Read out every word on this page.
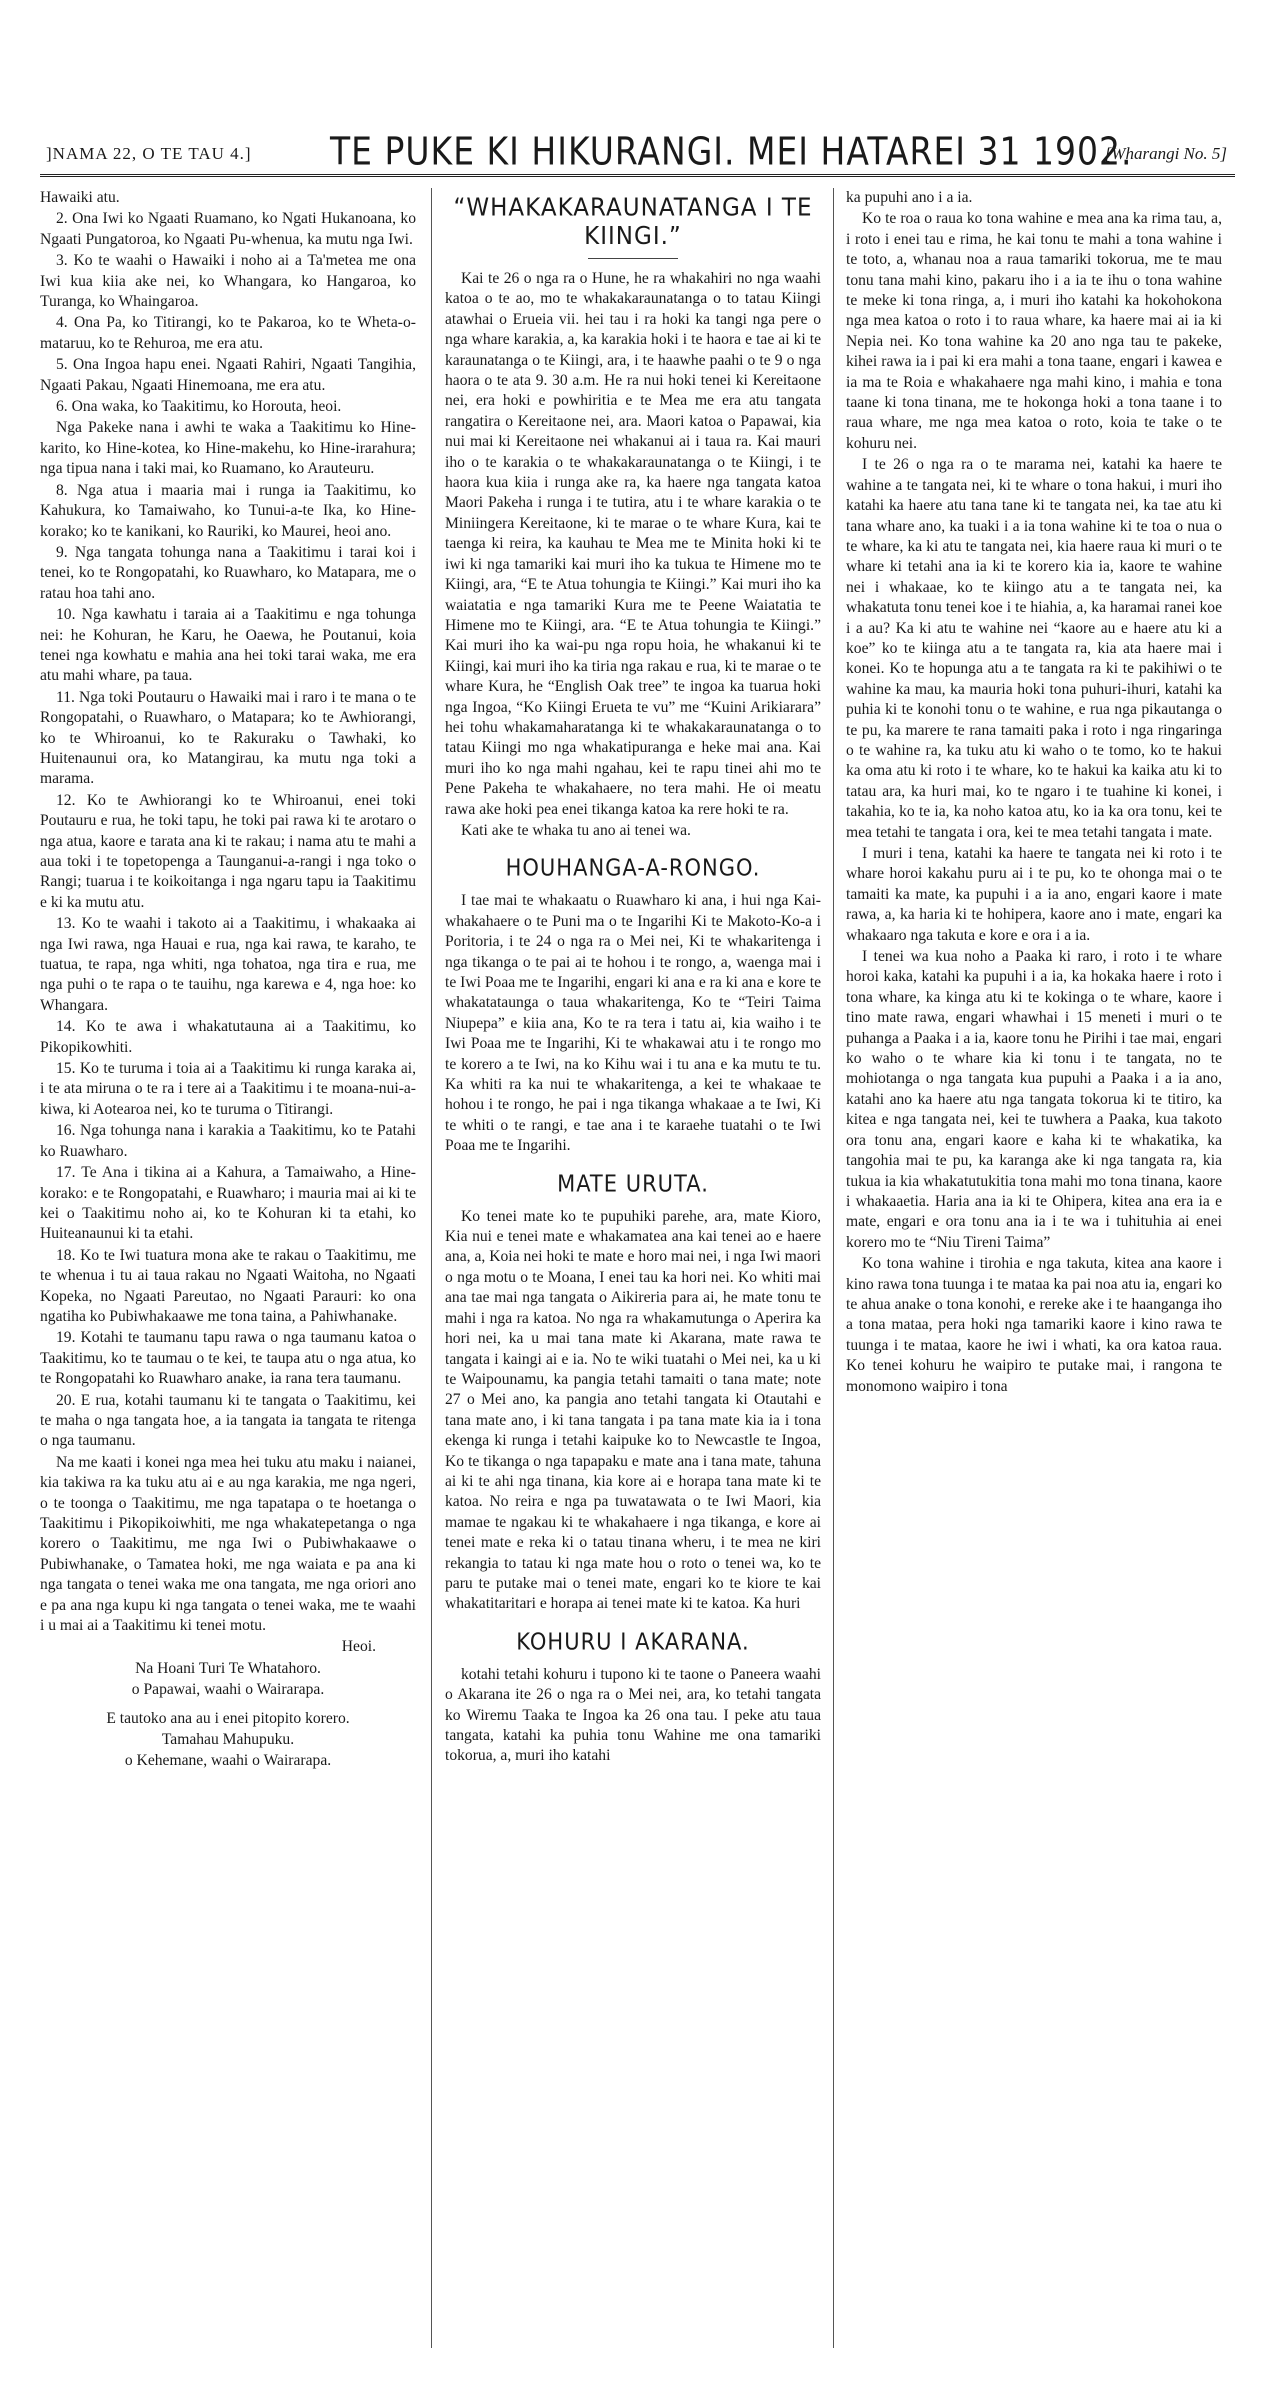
]NAMA 22, O TE TAU 4.] TE PUKE KI HIKURANGI. MEI HATAREI 31 1902.
[Wharangi No. 5]

Hawaiki atu.

2. Ona Iwi ko Ngaati Ruamano, ko Ngati Hukanoana, ko Ngaati Pungatoroa, ko Ngaati Pu-whenua, ka mutu nga Iwi.

3. Ko te waahi o Hawaiki i noho ai a Ta'metea me ona Iwi kua kiia ake nei, ko Whangara, ko Hangaroa, ko Turanga, ko Whaingaroa.

4. Ona Pa, ko Titirangi, ko te Pakaroa, ko te Wheta-o-mataruu, ko te Rehuroa, me era atu.

5. Ona Ingoa hapu enei. Ngaati Rahiri, Ngaati Tangihia, Ngaati Pakau, Ngaati Hinemoana, me era atu.

6. Ona waka, ko Taakitimu, ko Horouta, heoi.

Nga Pakeke nana i awhi te waka a Taakitimu ko Hine-karito, ko Hine-kotea, ko Hine-makehu, ko Hine-irarahura; nga tipua nana i taki mai, ko Ruamano, ko Arauteuru.

8. Nga atua i maaria mai i runga ia Taakitimu, ko Kahukura, ko Tamaiwaho, ko Tunui-a-te Ika, ko Hine-korako; ko te kanikani, ko Rauriki, ko Maurei, heoi ano.

9. Nga tangata tohunga nana a Taakitimu i tarai koi i tenei, ko te Rongopatahi, ko Ruawharo, ko Matapara, me o ratau hoa tahi ano.

10. Nga kawhatu i taraia ai a Taakitimu e nga tohunga nei: he Kohuran, he Karu, he Oaewa, he Poutanui, koia tenei nga kowhatu e mahia ana hei toki tarai waka, me era atu mahi whare, pa taua.

11. Nga toki Poutauru o Hawaiki mai i raro i te mana o te Rongopatahi, o Ruawharo, o Matapara; ko te Awhiorangi, ko te Whiroanui, ko te Rakuraku o Tawhaki, ko Huitenaunui ora, ko Matangirau, ka mutu nga toki a marama.

12. Ko te Awhiorangi ko te Whiroanui, enei toki Poutauru e rua, he toki tapu, he toki pai rawa ki te arotaro o nga atua, kaore e tarata ana ki te rakau; i nama atu te mahi a aua toki i te topetopenga a Taunganui-a-rangi i nga toko o Rangi; tuarua i te koikoitanga i nga ngaru tapu ia Taakitimu e ki ka mutu atu.

13. Ko te waahi i takoto ai a Taakitimu, i whakaaka ai nga Iwi rawa, nga Hauai e rua, nga kai rawa, te karaho, te tuatua, te rapa, nga whiti, nga tohatoa, nga tira e rua, me nga puhi o te rapa o te tauihu, nga karewa e 4, nga hoe: ko Whangara.

14. Ko te awa i whakatutauna ai a Taakitimu, ko Pikopikowhiti.

15. Ko te turuma i toia ai a Taakitimu ki runga karaka ai, i te ata miruna o te ra i tere ai a Taakitimu i te moana-nui-a-kiwa, ki Aotearoa nei, ko te turuma o Titirangi.

16. Nga tohunga nana i karakia a Taakitimu, ko te Patahi ko Ruawharo.

17. Te Ana i tikina ai a Kahura, a Tamaiwaho, a Hine-korako: e te Rongopatahi, e Ruawharo; i mauria mai ai ki te kei o Taakitimu noho ai, ko te Kohuran ki ta etahi, ko Huiteanaunui ki ta etahi.

18. Ko te Iwi tuatura mona ake te rakau o Taakitimu, me te whenua i tu ai taua rakau no Ngaati Waitoha, no Ngaati Kopeka, no Ngaati Pareutao, no Ngaati Parauri: ko ona ngatiha ko Pubiwhakaawe me tona taina, a Pahiwhanake.

19. Kotahi te taumanu tapu rawa o nga taumanu katoa o Taakitimu, ko te taumau o te kei, te taupa atu o nga atua, ko te Rongopatahi ko Ruawharo anake, ia rana tera taumanu.

20. E rua, kotahi taumanu ki te tangata o Taakitimu, kei te maha o nga tangata hoe, a ia tangata ia tangata te ritenga o nga taumanu.

Na me kaati i konei nga mea hei tuku atu maku i naianei, kia takiwa ra ka tuku atu ai e au nga karakia, me nga ngeri, o te toonga o Taakitimu, me nga tapatapa o te hoetanga o Taakitimu i Pikopikoiwhiti, me nga whakatepetanga o nga korero o Taakitimu, me nga Iwi o Pubiwhakaawe o Pubiwhanake, o Tamatea hoki, me nga waiata e pa ana ki nga tangata o tenei waka me ona tangata, me nga oriori ano e pa ana nga kupu ki nga tangata o tenei waka, me te waahi i u mai ai a Taakitimu ki tenei motu.

Heoi.

Na Hoani Turi Te Whatahoro.

o Papawai, waahi o Wairarapa.

E tautoko ana au i enei pitopito korero.

Tamahau Mahupuku.

o Kehemane, waahi o Wairarapa.

“WHAKAKARAUNATANGA I TE KIINGI.”

Kai te 26 o nga ra o Hune, he ra whakahiri no nga waahi katoa o te ao, mo te whakakaraunatanga o to tatau Kiingi atawhai o Erueia vii. hei tau i ra hoki ka tangi nga pere o nga whare karakia, a, ka karakia hoki i te haora e tae ai ki te karaunatanga o te Kiingi, ara, i te haawhe paahi o te 9 o nga haora o te ata 9. 30 a.m. He ra nui hoki tenei ki Kereitaone nei, era hoki e powhiritia e te Mea me era atu tangata rangatira o Kereitaone nei, ara. Maori katoa o Papawai, kia nui mai ki Kereitaone nei whakanui ai i taua ra. Kai mauri iho o te karakia o te whakakaraunatanga o te Kiingi, i te haora kua kiia i runga ake ra, ka haere nga tangata katoa Maori Pakeha i runga i te tutira, atu i te whare karakia o te Miniingera Kereitaone, ki te marae o te whare Kura, kai te taenga ki reira, ka kauhau te Mea me te Minita hoki ki te iwi ki nga tamariki kai muri iho ka tukua te Himene mo te Kiingi, ara, “E te Atua tohungia te Kiingi.” Kai muri iho ka waiatatia e nga tamariki Kura me te Peene Waiatatia te Himene mo te Kiingi, ara. “E te Atua tohungia te Kiingi.” Kai muri iho ka wai-pu nga ropu hoia, he whakanui ki te Kiingi, kai muri iho ka tiria nga rakau e rua, ki te marae o te whare Kura, he “English Oak tree” te ingoa ka tuarua hoki nga Ingoa, “Ko Kiingi Erueta te vu” me “Kuini Arikiarara” hei tohu whakamaharatanga ki te whakakaraunatanga o to tatau Kiingi mo nga whakatipuranga e heke mai ana. Kai muri iho ko nga mahi ngahau, kei te rapu tinei ahi mo te Pene Pakeha te whakahaere, no tera mahi. He oi meatu rawa ake hoki pea enei tikanga katoa ka rere hoki te ra.

Kati ake te whaka tu ano ai tenei wa.

HOUHANGA-A-RONGO.

I tae mai te whakaatu o Ruawharo ki ana, i hui nga Kai-whakahaere o te Puni ma o te Ingarihi Ki te Makoto-Ko-a i Poritoria, i te 24 o nga ra o Mei nei, Ki te whakaritenga i nga tikanga o te pai ai te hohou i te rongo, a, waenga mai i te Iwi Poaa me te Ingarihi, engari ki ana e ra ki ana e kore te whakatataunga o taua whakaritenga, Ko te “Teiri Taima Niupepa” e kiia ana, Ko te ra tera i tatu ai, kia waiho i te Iwi Poaa me te Ingarihi, Ki te whakawai atu i te rongo mo te korero a te Iwi, na ko Kihu wai i tu ana e ka mutu te tu. Ka whiti ra ka nui te whakaritenga, a kei te whakaae te hohou i te rongo, he pai i nga tikanga whakaae a te Iwi, Ki te whiti o te rangi, e tae ana i te karaehe tuatahi o te Iwi Poaa me te Ingarihi.

MATE URUTA.

Ko tenei mate ko te pupuhiki parehe, ara, mate Kioro, Kia nui e tenei mate e whakamatea ana kai tenei ao e haere ana, a, Koia nei hoki te mate e horo mai nei, i nga Iwi maori o nga motu o te Moana, I enei tau ka hori nei. Ko whiti mai ana tae mai nga tangata o Aikireria para ai, he mate tonu te mahi i nga ra katoa. No nga ra whakamutunga o Aperira ka hori nei, ka u mai tana mate ki Akarana, mate rawa te tangata i kaingi ai e ia. No te wiki tuatahi o Mei nei, ka u ki te Waipounamu, ka pangia tetahi tamaiti o tana mate; note 27 o Mei ano, ka pangia ano tetahi tangata ki Otautahi e tana mate ano, i ki tana tangata i pa tana mate kia ia i tona ekenga ki runga i tetahi kaipuke ko to Newcastle te Ingoa, Ko te tikanga o nga tapapaku e mate ana i tana mate, tahuna ai ki te ahi nga tinana, kia kore ai e horapa tana mate ki te katoa. No reira e nga pa tuwatawata o te Iwi Maori, kia mamae te ngakau ki te whakahaere i nga tikanga, e kore ai tenei mate e reka ki o tatau tinana wheru, i te mea ne kiri rekangia to tatau ki nga mate hou o roto o tenei wa, ko te paru te putake mai o tenei mate, engari ko te kiore te kai whakatitaritari e horapa ai tenei mate ki te katoa. Ka huri

KOHURU I AKARANA.

kotahi tetahi kohuru i tupono ki te taone o Paneera waahi o Akarana ite 26 o nga ra o Mei nei, ara, ko tetahi tangata ko Wiremu Taaka te Ingoa ka 26 ona tau. I peke atu taua tangata, katahi ka puhia tonu Wahine me ona tamariki tokorua, a, muri iho katahi

ka pupuhi ano i a ia.

Ko te roa o raua ko tona wahine e mea ana ka rima tau, a, i roto i enei tau e rima, he kai tonu te mahi a tona wahine i te toto, a, whanau noa a raua tamariki tokorua, me te mau tonu tana mahi kino, pakaru iho i a ia te ihu o tona wahine te meke ki tona ringa, a, i muri iho katahi ka hokohokona nga mea katoa o roto i to raua whare, ka haere mai ai ia ki Nepia nei. Ko tona wahine ka 20 ano nga tau te pakeke, kihei rawa ia i pai ki era mahi a tona taane, engari i kawea e ia ma te Roia e whakahaere nga mahi kino, i mahia e tona taane ki tona tinana, me te hokonga hoki a tona taane i to raua whare, me nga mea katoa o roto, koia te take o te kohuru nei.

I te 26 o nga ra o te marama nei, katahi ka haere te wahine a te tangata nei, ki te whare o tona hakui, i muri iho katahi ka haere atu tana tane ki te tangata nei, ka tae atu ki tana whare ano, ka tuaki i a ia tona wahine ki te toa o nua o te whare, ka ki atu te tangata nei, kia haere raua ki muri o te whare ki tetahi ana ia ki te korero kia ia, kaore te wahine nei i whakaae, ko te kiingo atu a te tangata nei, ka whakatuta tonu tenei koe i te hiahia, a, ka haramai ranei koe i a au? Ka ki atu te wahine nei “kaore au e haere atu ki a koe” ko te kiinga atu a te tangata ra, kia ata haere mai i konei. Ko te hopunga atu a te tangata ra ki te pakihiwi o te wahine ka mau, ka mauria hoki tona puhuri-ihuri, katahi ka puhia ki te konohi tonu o te wahine, e rua nga pikautanga o te pu, ka marere te rana tamaiti paka i roto i nga ringaringa o te wahine ra, ka tuku atu ki waho o te tomo, ko te hakui ka oma atu ki roto i te whare, ko te hakui ka kaika atu ki to tatau ara, ka huri mai, ko te ngaro i te tuahine ki konei, i takahia, ko te ia, ka noho katoa atu, ko ia ka ora tonu, kei te mea tetahi te tangata i ora, kei te mea tetahi tangata i mate.

I muri i tena, katahi ka haere te tangata nei ki roto i te whare horoi kakahu puru ai i te pu, ko te ohonga mai o te tamaiti ka mate, ka pupuhi i a ia ano, engari kaore i mate rawa, a, ka haria ki te hohipera, kaore ano i mate, engari ka whakaaro nga takuta e kore e ora i a ia.

I tenei wa kua noho a Paaka ki raro, i roto i te whare horoi kaka, katahi ka pupuhi i a ia, ka hokaka haere i roto i tona whare, ka kinga atu ki te kokinga o te whare, kaore i tino mate rawa, engari whawhai i 15 meneti i muri o te puhanga a Paaka i a ia, kaore tonu he Pirihi i tae mai, engari ko waho o te whare kia ki tonu i te tangata, no te mohiotanga o nga tangata kua pupuhi a Paaka i a ia ano, katahi ano ka haere atu nga tangata tokorua ki te titiro, ka kitea e nga tangata nei, kei te tuwhera a Paaka, kua takoto ora tonu ana, engari kaore e kaha ki te whakatika, ka tangohia mai te pu, ka karanga ake ki nga tangata ra, kia tukua ia kia whakatutukitia tona mahi mo tona tinana, kaore i whakaaetia. Haria ana ia ki te Ohipera, kitea ana era ia e mate, engari e ora tonu ana ia i te wa i tuhituhia ai enei korero mo te “Niu Tireni Taima”

Ko tona wahine i tirohia e nga takuta, kitea ana kaore i kino rawa tona tuunga i te mataa ka pai noa atu ia, engari ko te ahua anake o tona konohi, e rereke ake i te haanganga iho a tona mataa, pera hoki nga tamariki kaore i kino rawa te tuunga i te mataa, kaore he iwi i whati, ka ora katoa raua. Ko tenei kohuru he waipiro te putake mai, i rangona te monomono waipiro i tona
